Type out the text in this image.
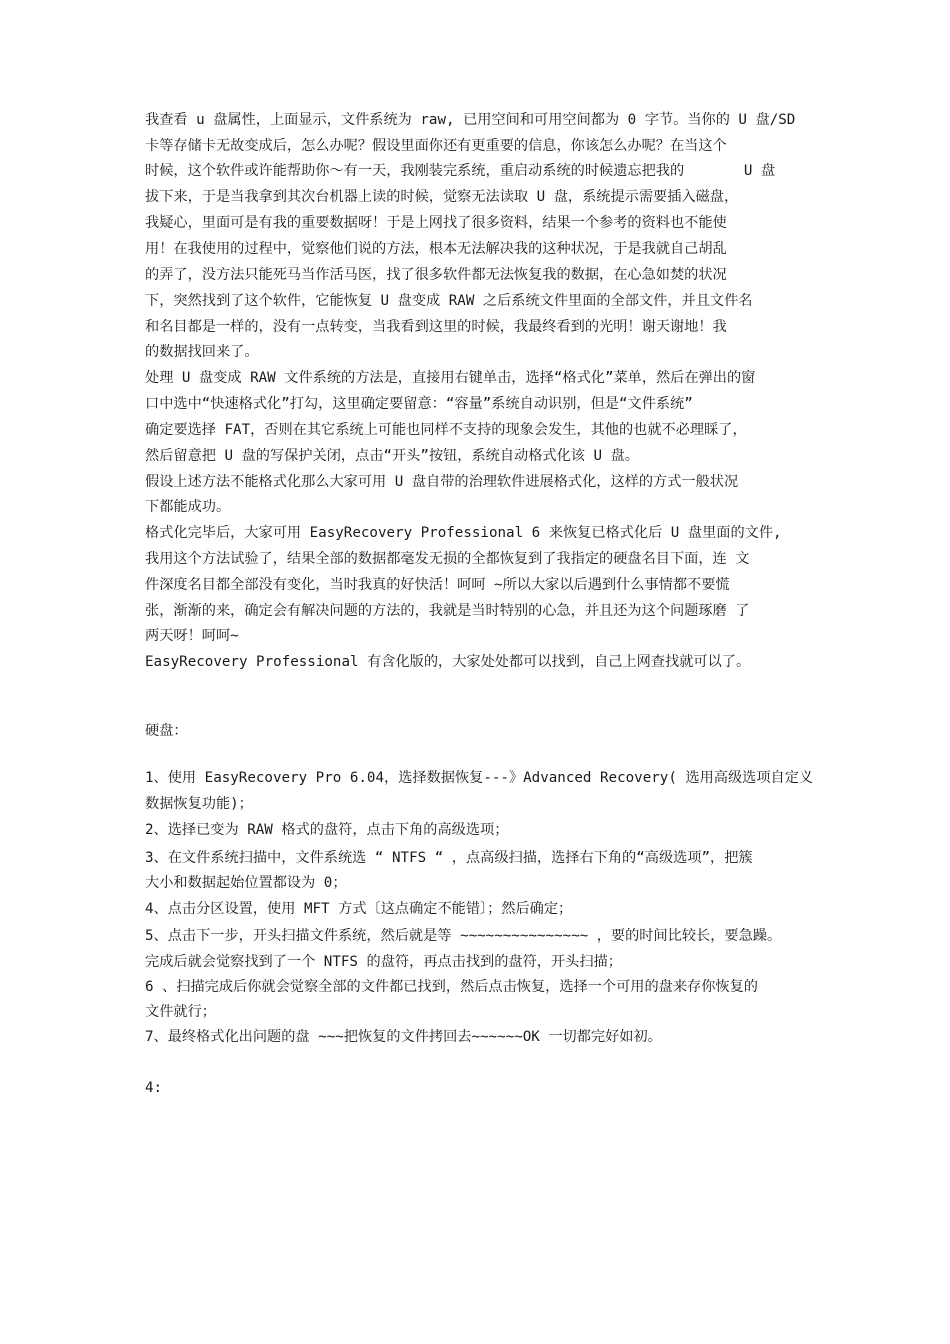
我查看 u 盘属性，上面显示，文件系统为 raw, 已用空间和可用空间都为 0 字节。当你的 U 盘/SD
卡等存储卡无故变成后，怎么办呢？假设里面你还有更重要的信息，你该怎么办呢？在当这个
时候，这个软件或许能帮助你～有一天，我刚装完系统，重启动系统的时候遗忘把我的       U 盘
拔下来，于是当我拿到其次台机器上读的时候，觉察无法读取 U 盘，系统提示需要插入磁盘，
我疑心，里面可是有我的重要数据呀！于是上网找了很多资料，结果一个参考的资料也不能使
用！在我使用的过程中，觉察他们说的方法，根本无法解决我的这种状况，于是我就自己胡乱
的弄了，没方法只能死马当作活马医，找了很多软件都无法恢复我的数据，在心急如焚的状况
下，突然找到了这个软件，它能恢复 U 盘变成 RAW 之后系统文件里面的全部文件，并且文件名
和名目都是一样的，没有一点转变，当我看到这里的时候，我最终看到的光明！谢天谢地！我
的数据找回来了。
处理 U 盘变成 RAW 文件系统的方法是，直接用右键单击，选择“格式化”菜单，然后在弹出的窗
口中选中“快速格式化”打勾，这里确定要留意：“容量”系统自动识别，但是“文件系统”
确定要选择 FAT，否则在其它系统上可能也同样不支持的现象会发生，其他的也就不必理睬了，
然后留意把 U 盘的写保护关闭，点击“开头”按钮，系统自动格式化该 U 盘。
假设上述方法不能格式化那么大家可用 U 盘自带的治理软件进展格式化，这样的方式一般状况
下都能成功。
格式化完毕后，大家可用 EasyRecovery Professional 6 来恢复已格式化后 U 盘里面的文件,
我用这个方法试验了，结果全部的数据都毫发无损的全都恢复到了我指定的硬盘名目下面，连 文
件深度名目都全部没有变化，当时我真的好快活！呵呵 ~所以大家以后遇到什么事情都不要慌
张，渐渐的来，确定会有解决问题的方法的，我就是当时特别的心急，并且还为这个问题琢磨 了
两天呀！呵呵~
EasyRecovery Professional 有含化版的，大家处处都可以找到，自己上网查找就可以了。
硬盘：
1、使用 EasyRecovery Pro 6.04，选择数据恢复---》Advanced Recovery( 选用高级选项自定义
数据恢复功能)；
2、选择已变为 RAW 格式的盘符，点击下角的高级选项；
3、在文件系统扫描中，文件系统选 “ NTFS “ ，点高级扫描，选择右下角的“高级选项”，把簇
大小和数据起始位置都设为 0；
4、点击分区设置，使用 MFT 方式〔这点确定不能错〕；然后确定；
5、点击下一步，开头扫描文件系统，然后就是等 ~~~~~~~~~~~~~~~ ，要的时间比较长，要急躁。
完成后就会觉察找到了一个 NTFS 的盘符，再点击找到的盘符，开头扫描；
6 、扫描完成后你就会觉察全部的文件都已找到，然后点击恢复，选择一个可用的盘来存你恢复的
文件就行；
7、最终格式化出问题的盘 ~~~把恢复的文件拷回去~~~~~~OK 一切都完好如初。
4:
